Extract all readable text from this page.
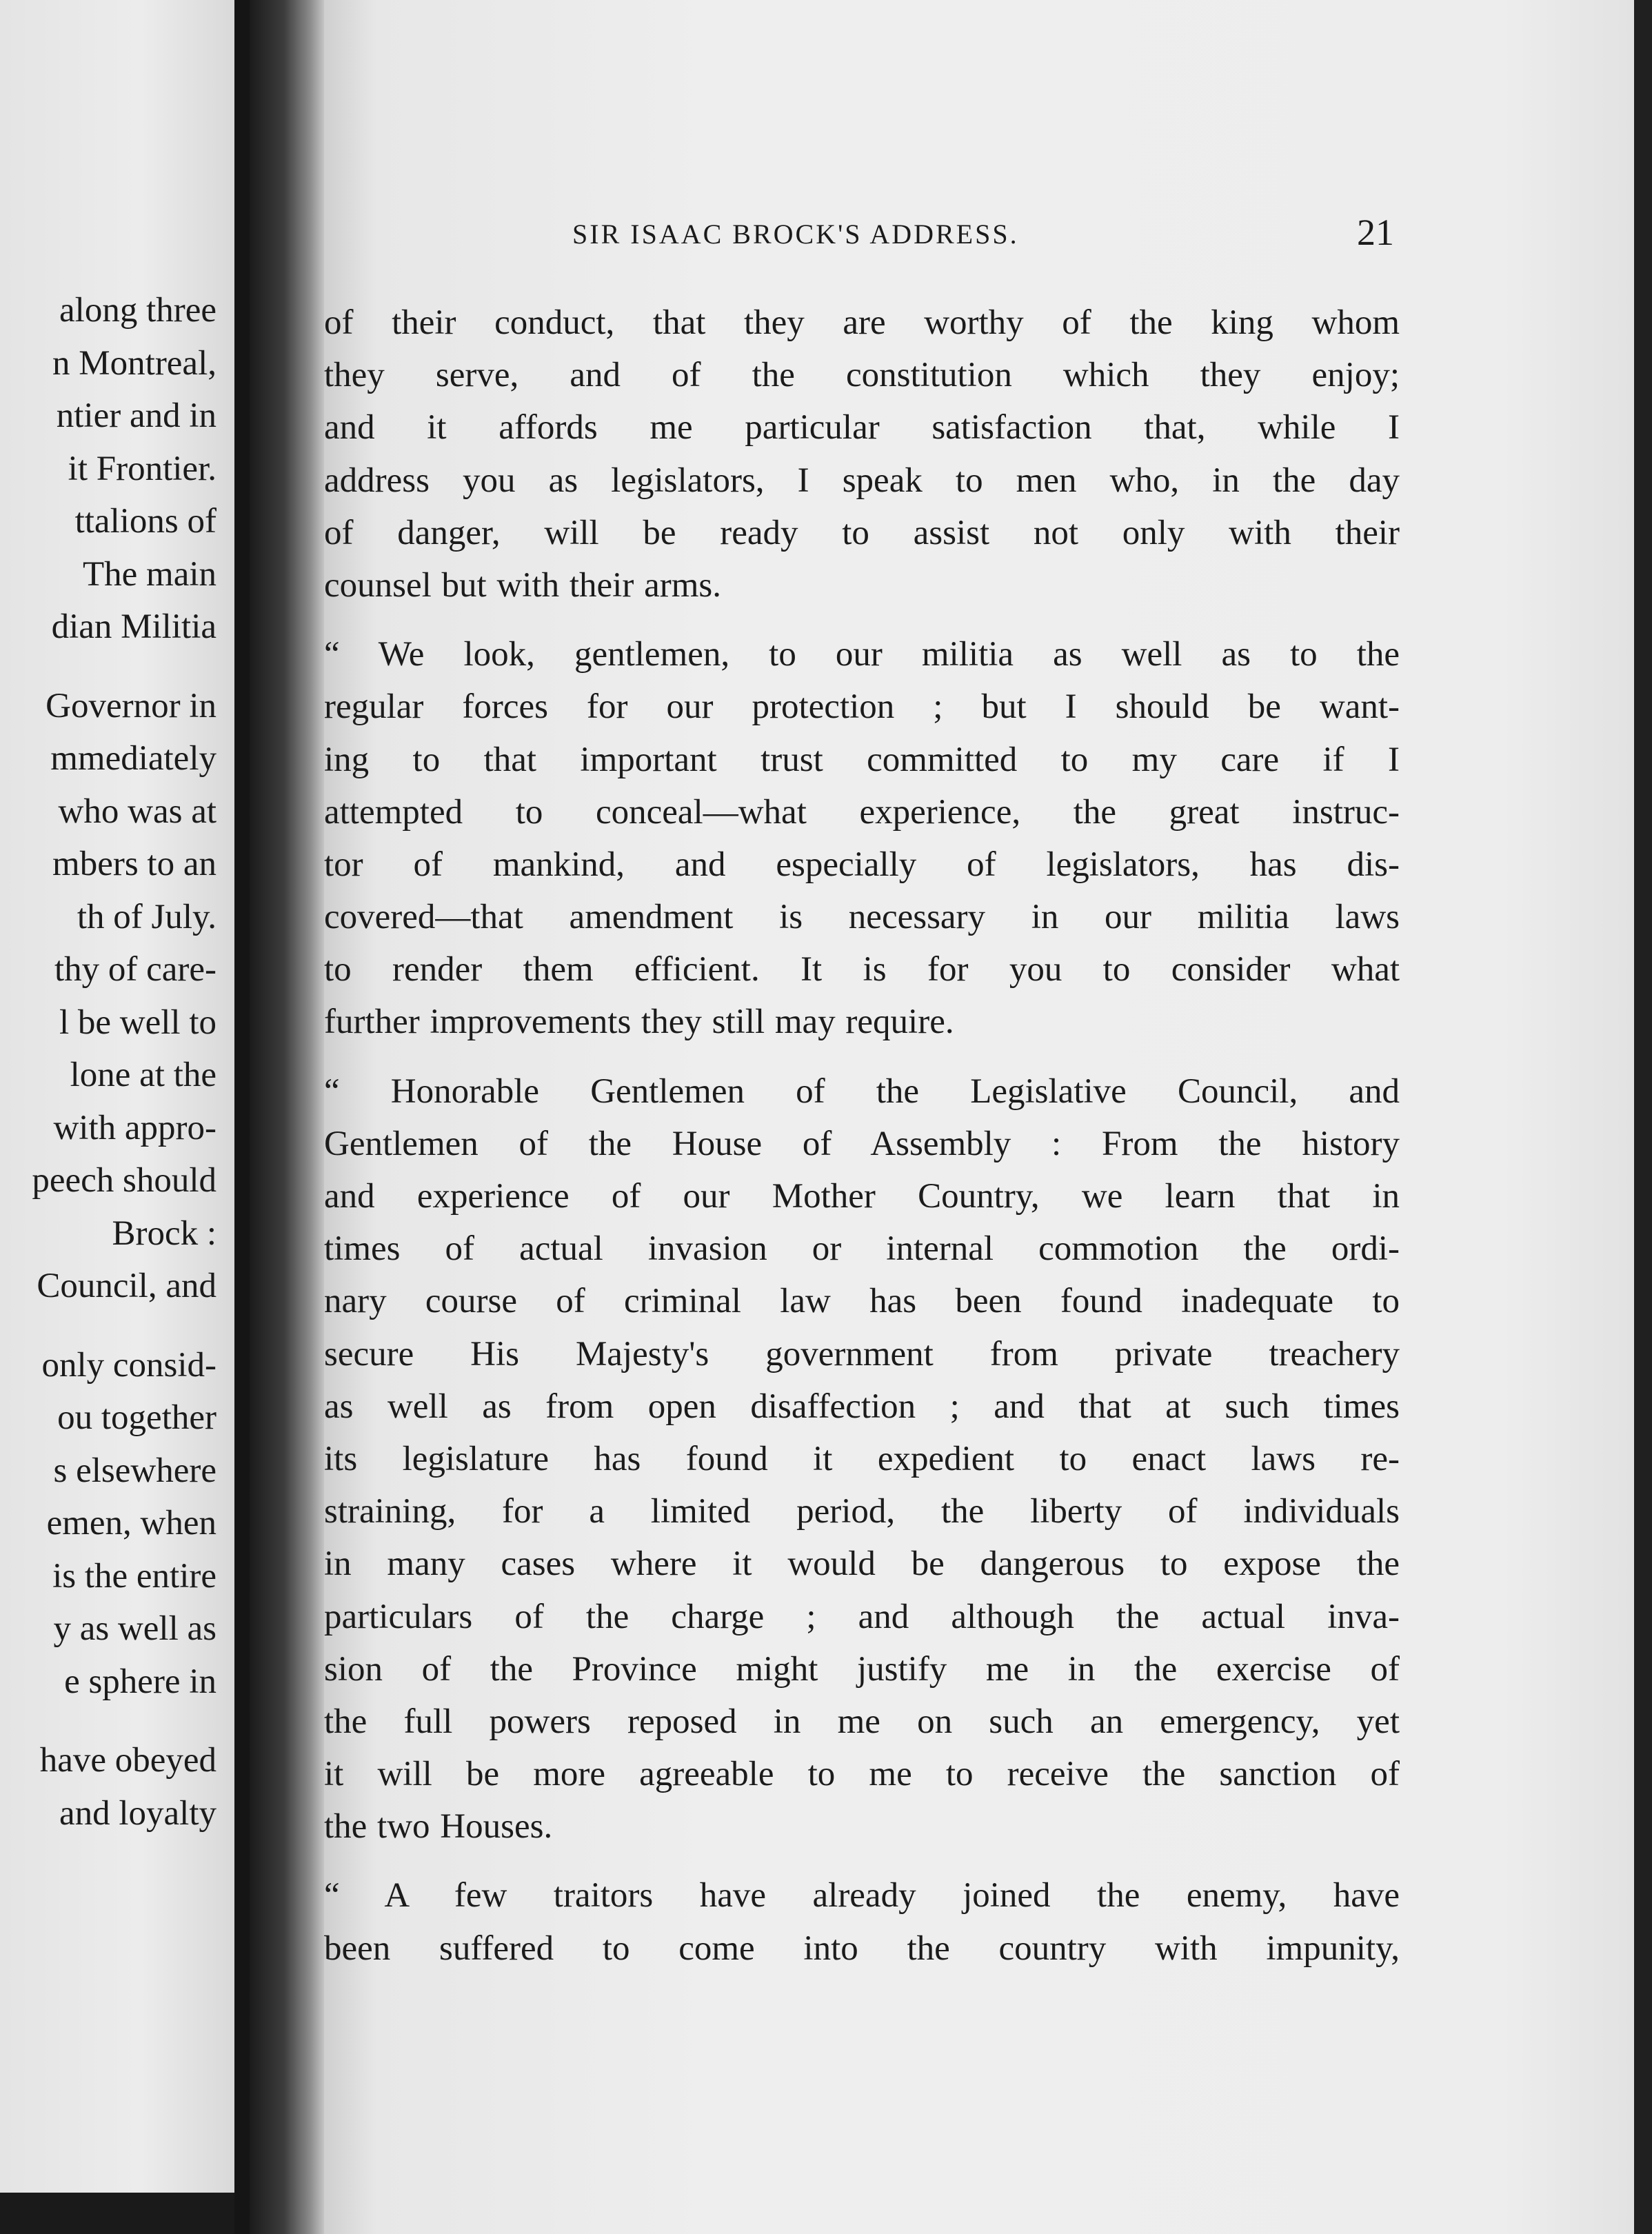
along three
n Montreal,
ntier and in
it Frontier.
ttalions of
The main
dian Militia
Governor in
mmediately
who was at
mbers to an
th of July.
thy of care-
l be well to
lone at the
with appro-
peech should
Brock :
Council, and
only consid-
ou together
s elsewhere
emen, when
is the entire
y as well as
e sphere in
have obeyed
and loyalty
SIR ISAAC BROCK'S ADDRESS.	21
of their conduct, that they are worthy of the king whom
they serve, and of the constitution which they enjoy;
and it affords me particular satisfaction that, while I
address you as legislators, I speak to men who, in the day
of danger, will be ready to assist not only with their
counsel but with their arms.
“ We look, gentlemen, to our militia as well as to the
regular forces for our protection ; but I should be want-
ing to that important trust committed to my care if I
attempted to conceal—what experience, the great instruc-
tor of mankind, and especially of legislators, has dis-
covered—that amendment is necessary in our militia laws
to render them efficient. It is for you to consider what
further improvements they still may require.
“ Honorable Gentlemen of the Legislative Council, and
Gentlemen of the House of Assembly : From the history
and experience of our Mother Country, we learn that in
times of actual invasion or internal commotion the ordi-
nary course of criminal law has been found inadequate to
secure His Majesty's government from private treachery
as well as from open disaffection ; and that at such times
its legislature has found it expedient to enact laws re-
straining, for a limited period, the liberty of individuals
in many cases where it would be dangerous to expose the
particulars of the charge ; and although the actual inva-
sion of the Province might justify me in the exercise of
the full powers reposed in me on such an emergency, yet
it will be more agreeable to me to receive the sanction of
the two Houses.
“ A few traitors have already joined the enemy, have
been suffered to come into the country with impunity,
